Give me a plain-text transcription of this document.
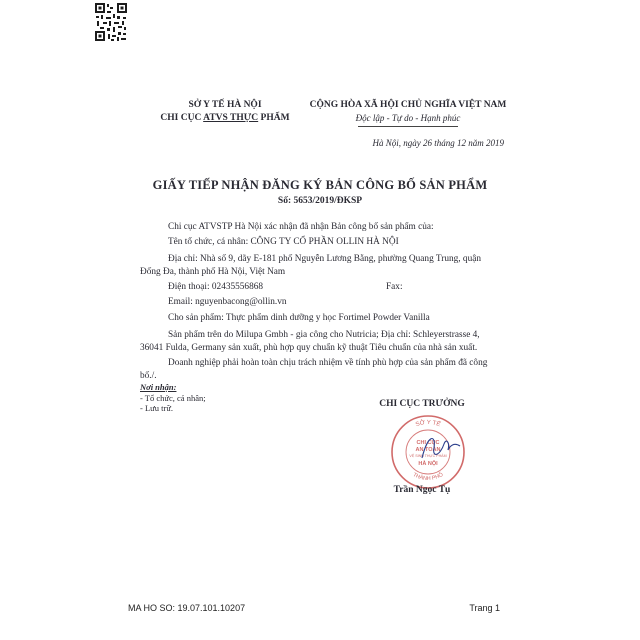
SỞ Y TẾ HÀ NỘI
CHI CỤC ATVS THỰC PHẨM
CỘNG HÒA XÃ HỘI CHỦ NGHĨA VIỆT NAM
Độc lập - Tự do - Hạnh phúc
Hà Nội, ngày 26 tháng 12 năm 2019
GIẤY TIẾP NHẬN ĐĂNG KÝ BẢN CÔNG BỐ SẢN PHẨM
Số: 5653/2019/ĐKSP
Chi cục ATVSTP Hà Nội xác nhận đã nhận Bản công bố sản phẩm của:
Tên tổ chức, cá nhân: CÔNG TY CỔ PHẦN OLLIN HÀ NỘI
Địa chỉ: Nhà số 9, dãy E-181 phố Nguyễn Lương Bằng, phường Quang Trung, quận
Đống Đa, thành phố Hà Nội, Việt Nam
Điện thoại: 02435556868	Fax:
Email: nguyenbacong@ollin.vn
Cho sản phẩm: Thực phẩm dinh dưỡng y học Fortimel Powder Vanilla
Sản phẩm trên do Milupa Gmbh - gia công cho Nutricia; Địa chỉ: Schleyerstrasse 4,
36041 Fulda, Germany sản xuất, phù hợp quy chuẩn kỹ thuật Tiêu chuẩn của nhà sản xuất.
Doanh nghiệp phải hoàn toàn chịu trách nhiệm về tính phù hợp của sản phẩm đã công
bố./.
Nơi nhận:
- Tổ chức, cá nhân;
- Lưu trữ.	CHI CỤC TRƯỞNG
SỞ Y TẾ
THÀNH PHỐ
CHI CỤC
AN TOÀN
VỆ SINH THỰC PHẨM
HÀ NỘI
Trần Ngọc Tụ
MA HO SO: 19.07.101.10207	Trang 1
